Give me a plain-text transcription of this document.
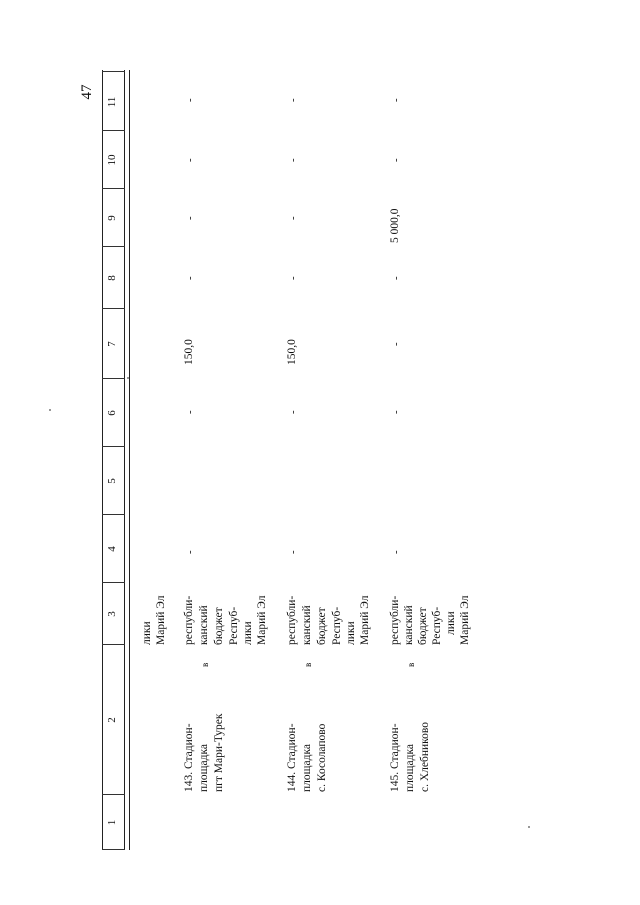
47
1
2
3
4
5
6
7
8
9
10
11
лики Марий Эл
143. Стадион- площадка пгт Мари-Турек
в
республи- канский бюджет Респуб- лики Марий Эл
-
-
150,0
-
-
-
-
144. Стадион- площадка с. Косолапово
в
республи- канский бюджет Респуб- лики Марий Эл
-
-
150,0
-
-
-
-
145. Стадион- площадка с. Хлебниково
в
республи- канский бюджет Респуб- лики Марий Эл
-
-
-
-
5 000,0
-
-
